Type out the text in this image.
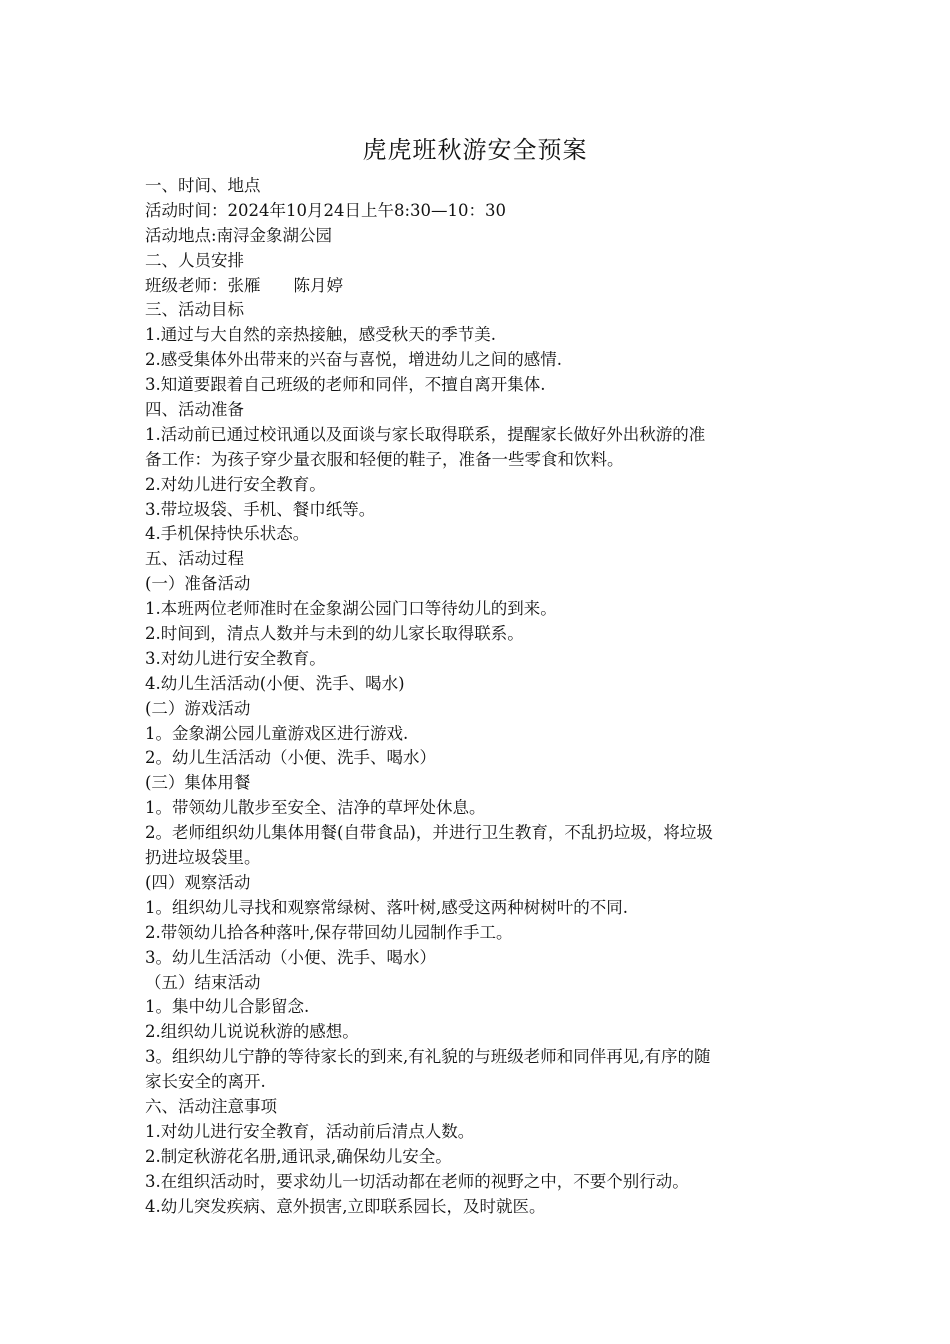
虎虎班秋游安全预案
一、时间、地点
活动时间：2024年10月24日上午8:30—10：30
活动地点:南浔金象湖公园
二、人员安排
班级老师：张雁　　陈月婷
三、活动目标
1.通过与大自然的亲热接触，感受秋天的季节美.
2.感受集体外出带来的兴奋与喜悦，增进幼儿之间的感情.
3.知道要跟着自己班级的老师和同伴，不擅自离开集体.
四、活动准备
1.活动前已通过校讯通以及面谈与家长取得联系，提醒家长做好外出秋游的准
备工作：为孩子穿少量衣服和轻便的鞋子，准备一些零食和饮料。
2.对幼儿进行安全教育。
3.带垃圾袋、手机、餐巾纸等。
4.手机保持快乐状态。
五、活动过程
(一）准备活动
1.本班两位老师准时在金象湖公园门口等待幼儿的到来。
2.时间到，清点人数并与未到的幼儿家长取得联系。
3.对幼儿进行安全教育。
4.幼儿生活活动(小便、洗手、喝水)
(二）游戏活动
1。金象湖公园儿童游戏区进行游戏.
2。幼儿生活活动（小便、洗手、喝水）
(三）集体用餐
1。带领幼儿散步至安全、洁净的草坪处休息。
2。老师组织幼儿集体用餐(自带食品)，并进行卫生教育，不乱扔垃圾，将垃圾
扔进垃圾袋里。
(四）观察活动
1。组织幼儿寻找和观察常绿树、落叶树,感受这两种树树叶的不同.
2.带领幼儿拾各种落叶,保存带回幼儿园制作手工。
3。幼儿生活活动（小便、洗手、喝水）
（五）结束活动
1。集中幼儿合影留念.
2.组织幼儿说说秋游的感想。
3。组织幼儿宁静的等待家长的到来,有礼貌的与班级老师和同伴再见,有序的随
家长安全的离开.
六、活动注意事项
1.对幼儿进行安全教育，活动前后清点人数。
2.制定秋游花名册,通讯录,确保幼儿安全。
3.在组织活动时，要求幼儿一切活动都在老师的视野之中，不要个别行动。
4.幼儿突发疾病、意外损害,立即联系园长，及时就医。
